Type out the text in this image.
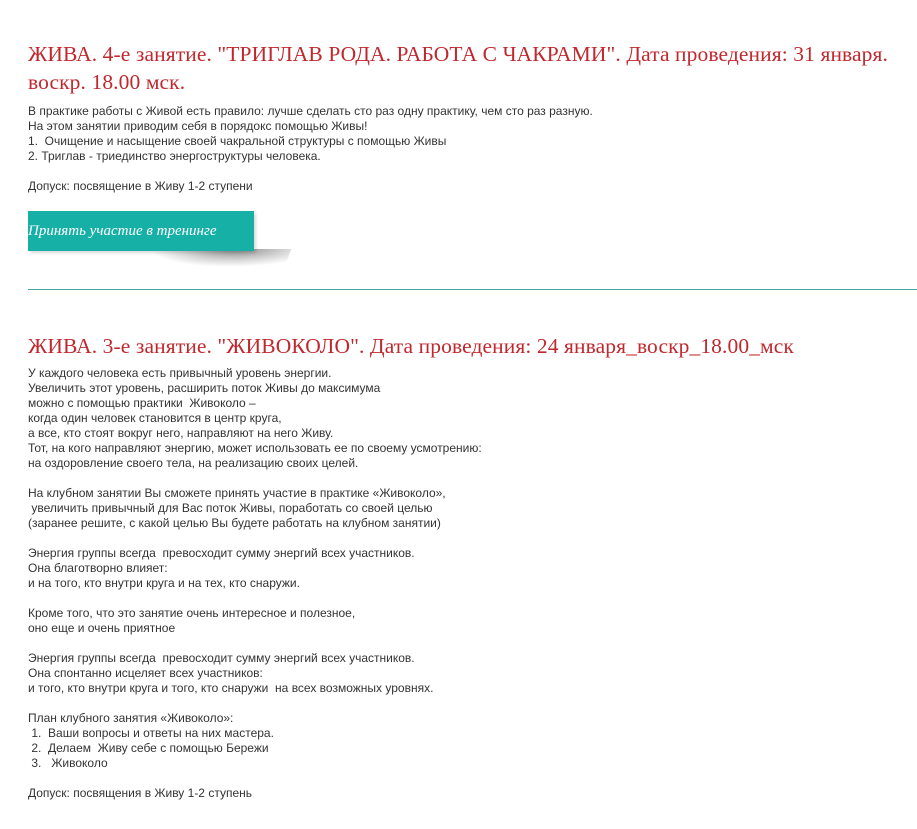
ЖИВА. 4-е занятие. "ТРИГЛАВ РОДА. РАБОТА С ЧАКРАМИ". Дата проведения: 31 января. воскр. 18.00 мск.
В практике работы с Живой есть правило: лучше сделать сто раз одну практику, чем сто раз разную.
На этом занятии приводим себя в порядокс помощью Живы!
1.  Очищение и насыщение своей чакральной структуры с помощью Живы
2. Триглав - триединство энергоструктуры человека.
Допуск: посвящение в Живу 1-2 ступени
Принять участие в тренинге
ЖИВА. 3-е занятие. "ЖИВОКОЛО". Дата проведения: 24 января_воскр_18.00_мск
У каждого человека есть привычный уровень энергии.
Увеличить этот уровень, расширить поток Живы до максимума
можно с помощью практики  Живоколо –
когда один человек становится в центр круга,
а все, кто стоят вокруг него, направляют на него Живу.
Тот, на кого направляют энергию, может использовать ее по своему усмотрению:
на оздоровление своего тела, на реализацию своих целей.
На клубном занятии Вы сможете принять участие в практике «Живоколо»,
увеличить привычный для Вас поток Живы, поработать со своей целью
(заранее решите, с какой целью Вы будете работать на клубном занятии)
Энергия группы всегда  превосходит сумму энергий всех участников.
Она благотворно влияет:
и на того, кто внутри круга и на тех, кто снаружи.
Кроме того, что это занятие очень интересное и полезное,
оно еще и очень приятное
Энергия группы всегда  превосходит сумму энергий всех участников.
Она спонтанно исцеляет всех участников:
и того, кто внутри круга и того, кто снаружи  на всех возможных уровнях.
План клубного занятия «Живоколо»:
1.  Ваши вопросы и ответы на них мастера.
2.  Делаем  Живу себе с помощью Бережи
3.   Живоколо
Допуск: посвящения в Живу 1-2 ступень
